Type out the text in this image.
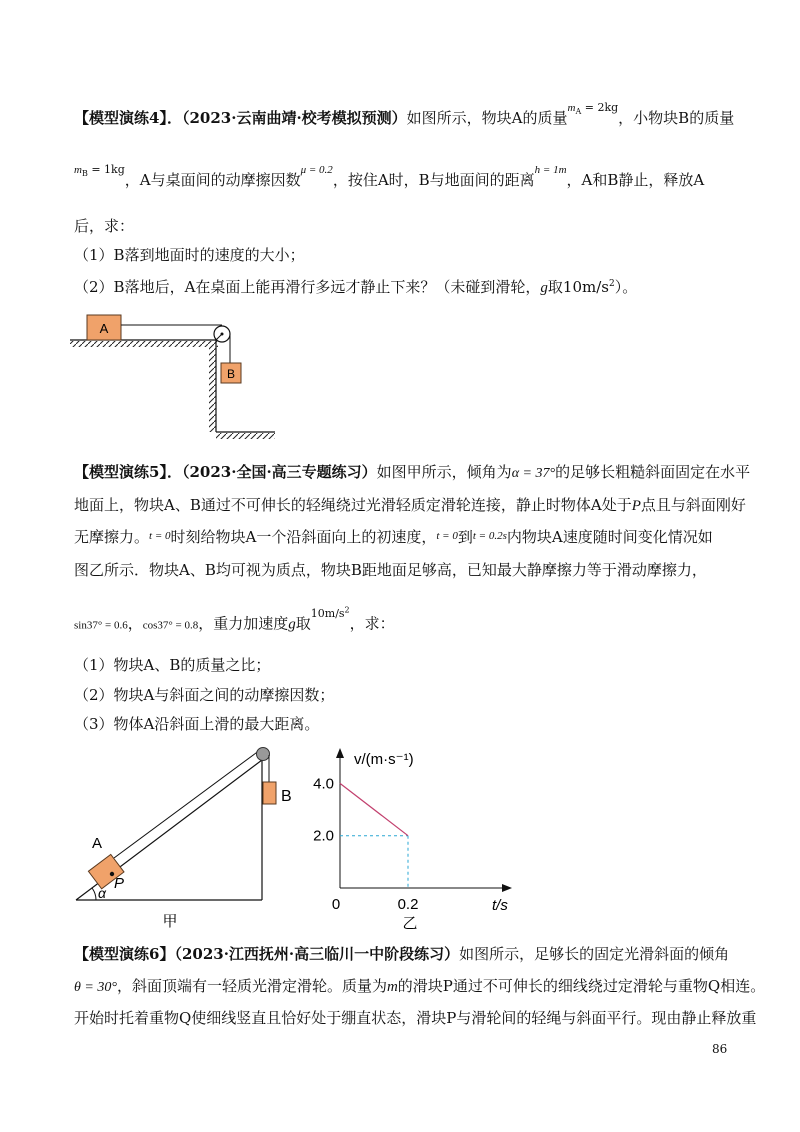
【模型演练4】．（2023·云南曲靖·校考模拟预测）如图所示，物块A的质量$m_A = 2kg$，小物块B的质量
$m_B = 1kg$，A与桌面间的动摩擦因数$^{\mu = 0.2}$，按住A时，B与地面间的距离$^{h = 1m}$，A和B静止，释放A
后，求：
（1）B落到地面时的速度的大小；
（2）B落地后，A在桌面上能再滑行多远才静止下来？（未碰到滑轮，g取$10m/s^2$）。
A
B
【模型演练5】．（2023·全国·高三专题练习）如图甲所示，倾角为α = 37°的足够长粗糙斜面固定在水平
地面上，物块A、B通过不可伸长的轻绳绕过光滑轻质定滑轮连接，静止时物体A处于P点且与斜面刚好
无摩擦力。$^{t = 0}$时刻给物块A一个沿斜面向上的初速度，$^{t = 0}$到$^{t = 0.2s}$内物块A速度随时间变化情况如
图乙所示．物块A、B均可视为质点，物块B距地面足够高，已知最大静摩擦力等于滑动摩擦力，
sin37° = 0.6，cos37° = 0.8，重力加速度g取$^{10m/s^2}$，求：
（1）物块A、B的质量之比；
（2）物块A与斜面之间的动摩擦因数；
（3）物体A沿斜面上滑的最大距离。
A
P
α
B
甲
v/(m·s⁻¹)
t/s
0
4.0
2.0
0.2
乙
【模型演练6】（2023·江西抚州·高三临川一中阶段练习）如图所示，足够长的固定光滑斜面的倾角
θ = 30°，斜面顶端有一轻质光滑定滑轮。质量为m的滑块P通过不可伸长的细线绕过定滑轮与重物Q相连。
开始时托着重物Q使细线竖直且恰好处于绷直状态，滑块P与滑轮间的轻绳与斜面平行。现由静止释放重
86
